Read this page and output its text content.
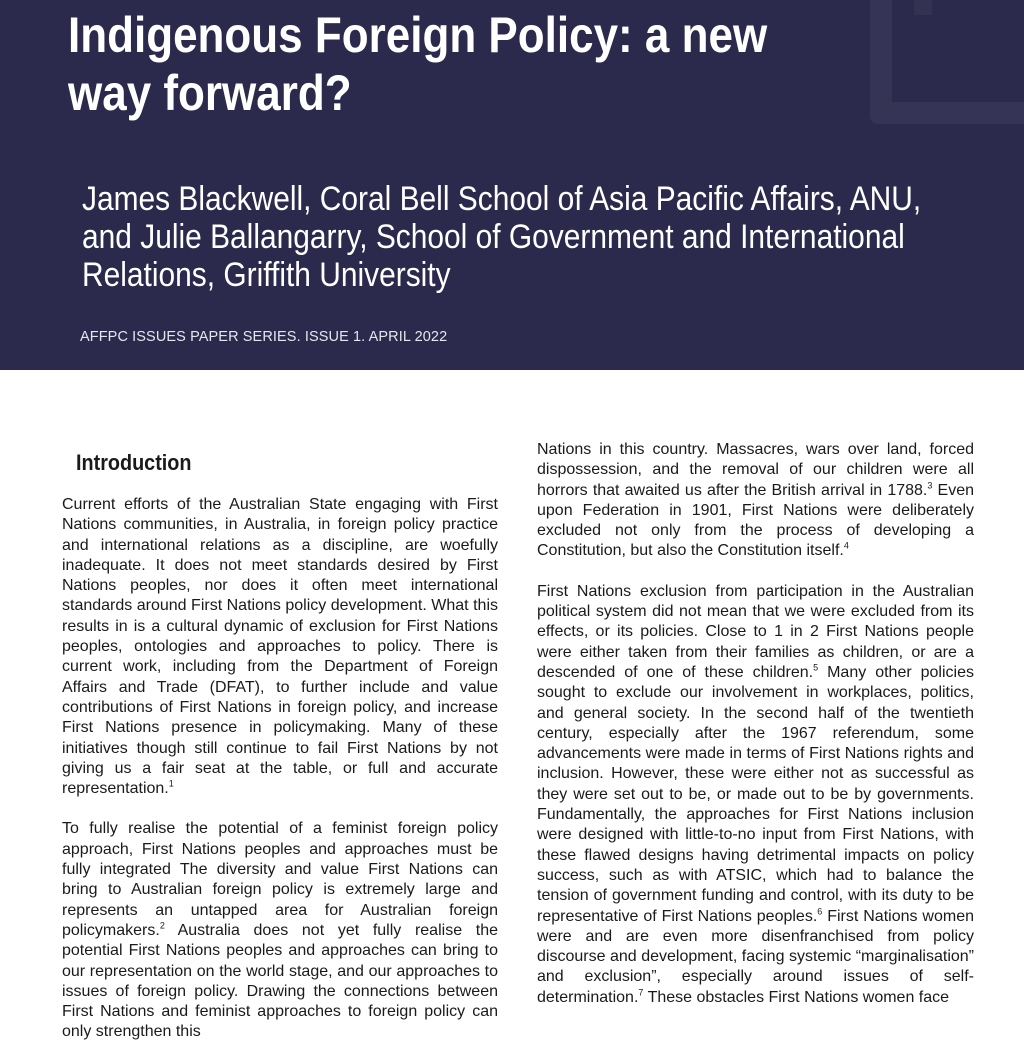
Indigenous Foreign Policy: a new way forward?

James Blackwell, Coral Bell School of Asia Pacific Affairs, ANU, and Julie Ballangarry, School of Government and International Relations, Griffith University

AFFPC ISSUES PAPER SERIES. ISSUE 1. APRIL 2022

Introduction

Current efforts of the Australian State engaging with First Nations communities, in Australia, in foreign policy practice and international relations as a discipline, are woefully inadequate. It does not meet standards desired by First Nations peoples, nor does it often meet international standards around First Nations policy development. What this results in is a cultural dynamic of exclusion for First Nations peoples, ontologies and approaches to policy. There is current work, including from the Department of Foreign Affairs and Trade (DFAT), to further include and value contributions of First Nations in foreign policy, and increase First Nations presence in policymaking. Many of these initiatives though still continue to fail First Nations by not giving us a fair seat at the table, or full and accurate representation.$^1$

To fully realise the potential of a feminist foreign policy approach, First Nations peoples and approaches must be fully integrated The diversity and value First Nations can bring to Australian foreign policy is extremely large and represents an untapped area for Australian foreign policymakers.$^2$ Australia does not yet fully realise the potential First Nations peoples and approaches can bring to our representation on the world stage, and our approaches to issues of foreign policy. Drawing the connections between First Nations and feminist approaches to foreign policy can only strengthen this

Nations in this country. Massacres, wars over land, forced dispossession, and the removal of our children were all horrors that awaited us after the British arrival in 1788.$^3$ Even upon Federation in 1901, First Nations were deliberately excluded not only from the process of developing a Constitution, but also the Constitution itself.$^4$

First Nations exclusion from participation in the Australian political system did not mean that we were excluded from its effects, or its policies. Close to 1 in 2 First Nations people were either taken from their families as children, or are a descended of one of these children.$^5$ Many other policies sought to exclude our involvement in workplaces, politics, and general society. In the second half of the twentieth century, especially after the 1967 referendum, some advancements were made in terms of First Nations rights and inclusion. However, these were either not as successful as they were set out to be, or made out to be by governments. Fundamentally, the approaches for First Nations inclusion were designed with little-to-no input from First Nations, with these flawed designs having detrimental impacts on policy success, such as with ATSIC, which had to balance the tension of government funding and control, with its duty to be representative of First Nations peoples.$^6$ First Nations women were and are even more disenfranchised from policy discourse and development, facing systemic “marginalisation” and exclusion”, especially around issues of self-determination.$^7$ These obstacles First Nations women face
